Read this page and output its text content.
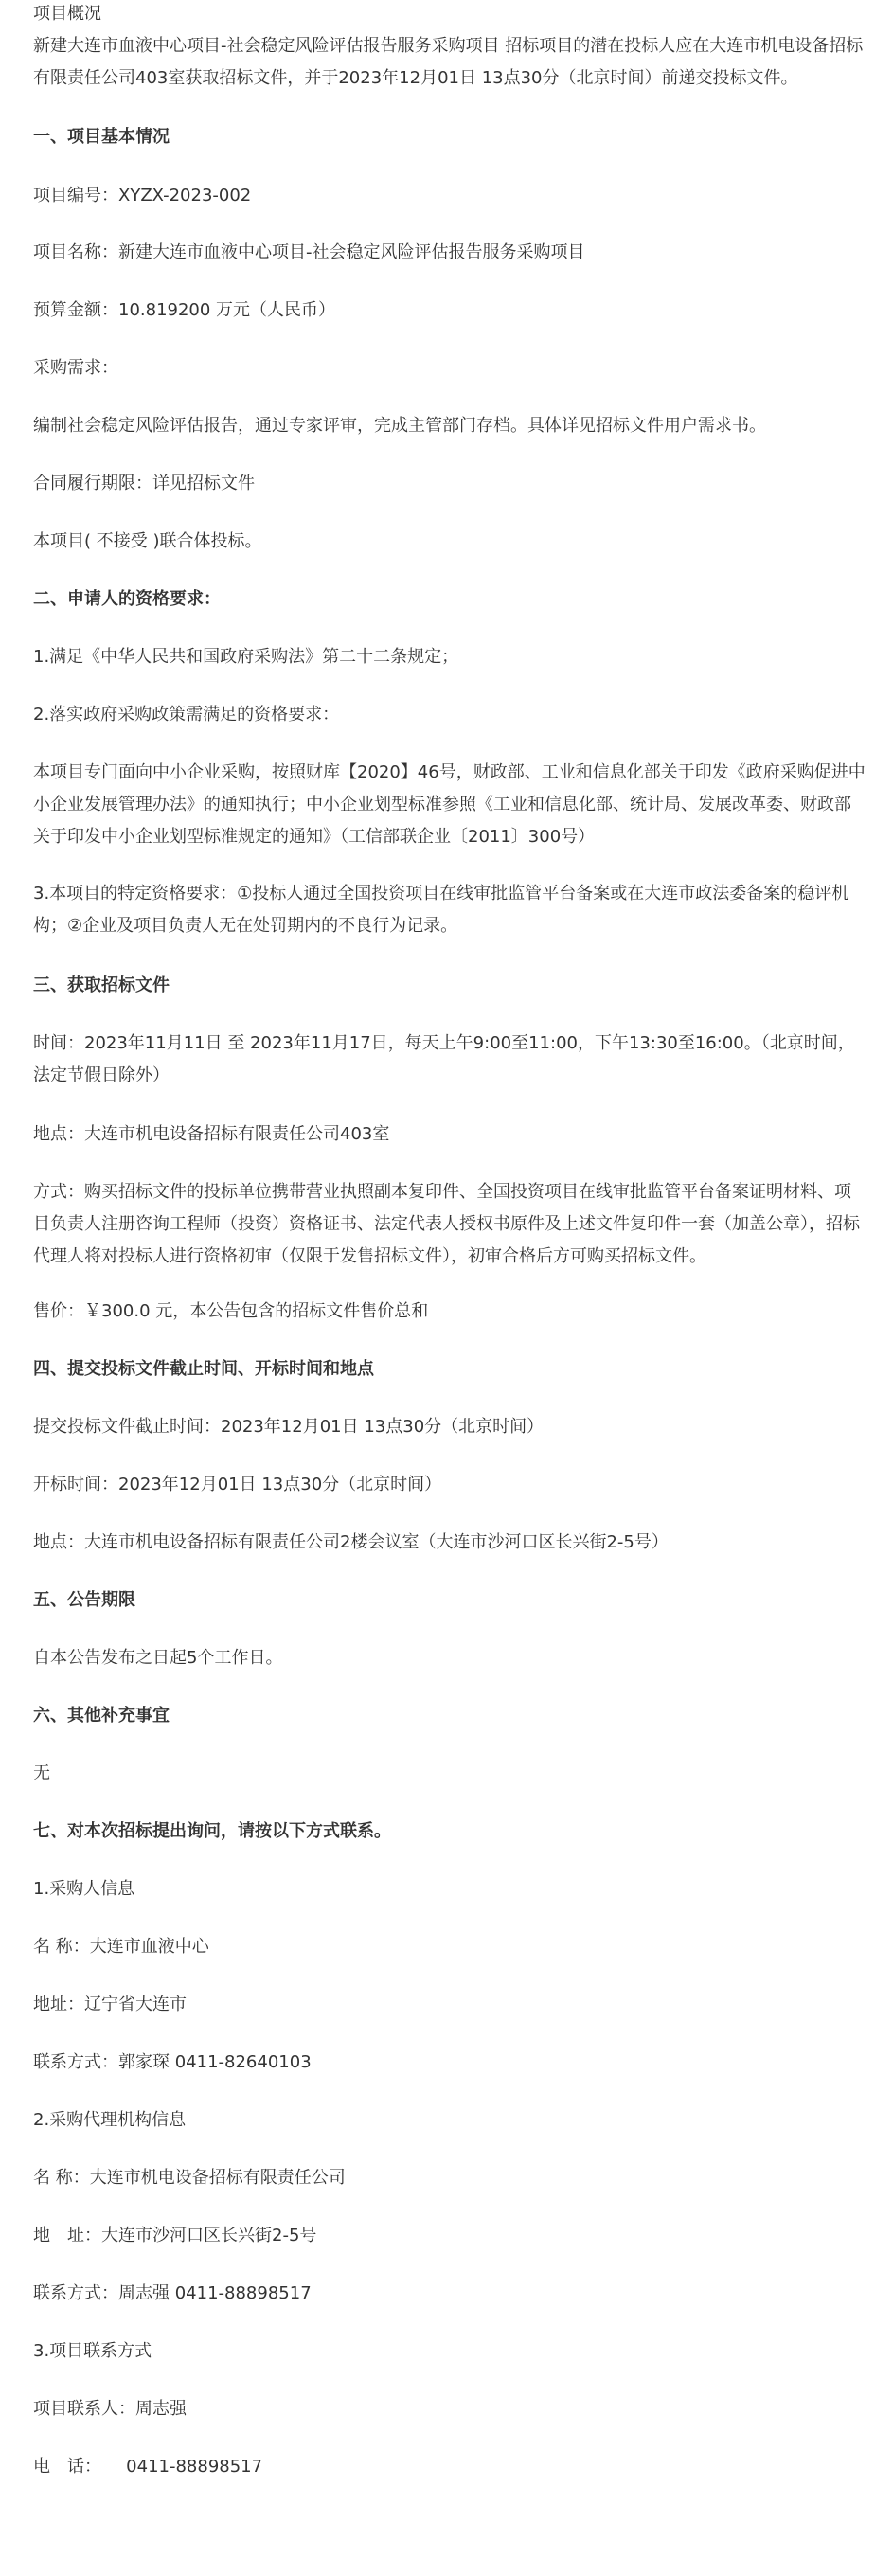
项目概况

新建大连市血液中心项目-社会稳定风险评估报告服务采购项目 招标项目的潜在投标人应在大连市机电设备招标有限责任公司403室获取招标文件，并于2023年12月01日 13点30分（北京时间）前递交投标文件。

一、项目基本情况

项目编号：XYZX-2023-002

项目名称：新建大连市血液中心项目-社会稳定风险评估报告服务采购项目

预算金额：10.819200 万元（人民币）

采购需求：

编制社会稳定风险评估报告，通过专家评审，完成主管部门存档。具体详见招标文件用户需求书。

合同履行期限：详见招标文件

本项目( 不接受 )联合体投标。

二、申请人的资格要求：

1.满足《中华人民共和国政府采购法》第二十二条规定；

2.落实政府采购政策需满足的资格要求：

本项目专门面向中小企业采购，按照财库【2020】46号，财政部、工业和信息化部关于印发《政府采购促进中小企业发展管理办法》的通知执行；中小企业划型标准参照《工业和信息化部、统计局、发展改革委、财政部关于印发中小企业划型标准规定的通知》（工信部联企业〔2011〕300号）

3.本项目的特定资格要求：①投标人通过全国投资项目在线审批监管平台备案或在大连市政法委备案的稳评机构；②企业及项目负责人无在处罚期内的不良行为记录。

三、获取招标文件

时间：2023年11月11日 至 2023年11月17日，每天上午9:00至11:00，下午13:30至16:00。（北京时间，法定节假日除外）

地点：大连市机电设备招标有限责任公司403室

方式：购买招标文件的投标单位携带营业执照副本复印件、全国投资项目在线审批监管平台备案证明材料、项目负责人注册咨询工程师（投资）资格证书、法定代表人授权书原件及上述文件复印件一套（加盖公章），招标代理人将对投标人进行资格初审（仅限于发售招标文件），初审合格后方可购买招标文件。

售价：￥300.0 元，本公告包含的招标文件售价总和

四、提交投标文件截止时间、开标时间和地点

提交投标文件截止时间：2023年12月01日 13点30分（北京时间）

开标时间：2023年12月01日 13点30分（北京时间）

地点：大连市机电设备招标有限责任公司2楼会议室（大连市沙河口区长兴街2-5号）

五、公告期限

自本公告发布之日起5个工作日。

六、其他补充事宜

无

七、对本次招标提出询问，请按以下方式联系。

1.采购人信息

名 称：大连市血液中心

地址：辽宁省大连市

联系方式：郭家琛 0411-82640103

2.采购代理机构信息

名 称：大连市机电设备招标有限责任公司

地　址：大连市沙河口区长兴街2-5号

联系方式：周志强 0411-88898517

3.项目联系方式

项目联系人：周志强

电　话：　   0411-88898517
